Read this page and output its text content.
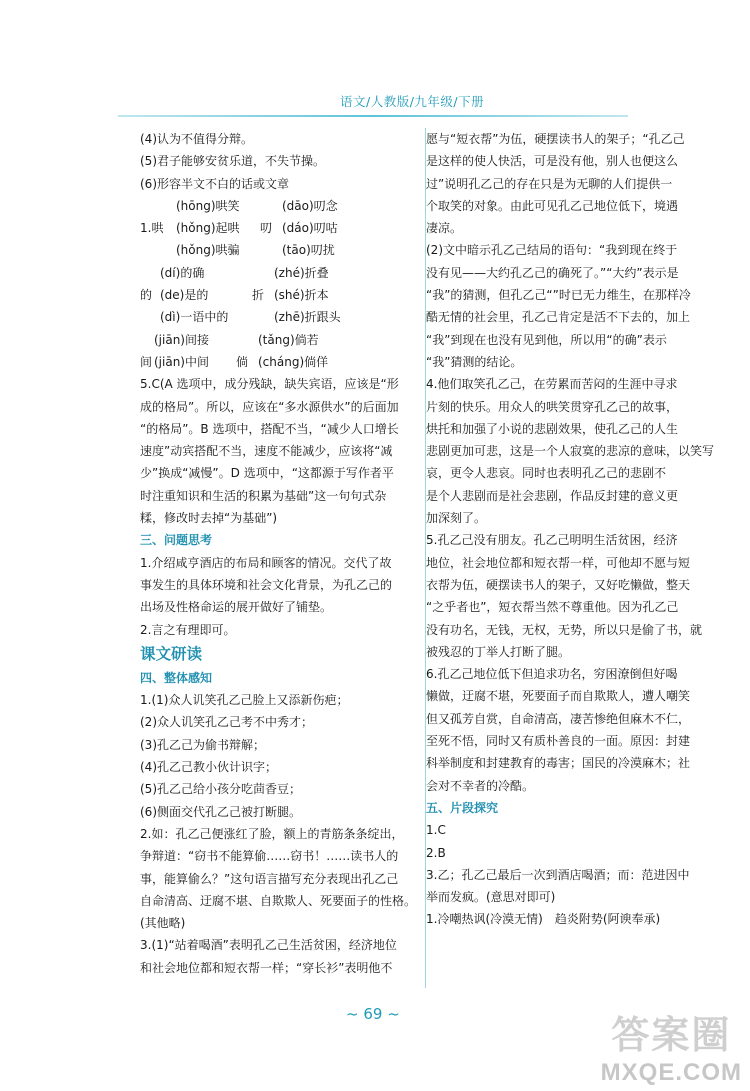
语文/人教版/九年级/下册
(4)认为不值得分辩。
(5)君子能够安贫乐道，不失节操。
(6)形容半文不白的话或文章
(hōng)哄笑	(dāo)叨念
1.哄 (hǒng)起哄 叨 (dáo)叨咕
(hǒng)哄骗	(tāo)叨扰
(dí)的确	(zhé)折叠
的 (de)是的	折 (shé)折本
(dì)一语中的	(zhē)折跟头
(jiān)间接	(tǎng)倘若
间 (jiān)中间 倘 (cháng)倘佯
5.C(A 选项中，成分残缺，缺失宾语，应该是“形
成的格局”。所以，应该在“多水源供水”的后面加
“的格局”。B 选项中，搭配不当，“减少人口增长
速度”动宾搭配不当，速度不能减少，应该将“减
少”换成“减慢”。D 选项中，“这都源于写作者平
时注重知识和生活的积累为基础”这一句句式杂
糅，修改时去掉“为基础”)
三、问题思考
1.介绍咸亨酒店的布局和顾客的情况。交代了故
事发生的具体环境和社会文化背景，为孔乙己的
出场及性格命运的展开做好了铺垫。
2.言之有理即可。
课文研读
四、整体感知
1.(1)众人讥笑孔乙己脸上又添新伤疤；
(2)众人讥笑孔乙己考不中秀才；
(3)孔乙己为偷书辩解；
(4)孔乙己教小伙计识字；
(5)孔乙己给小孩分吃茴香豆；
(6)侧面交代孔乙己被打断腿。
2.如：孔乙己便涨红了脸，额上的青筋条条绽出，
争辩道：“窃书不能算偷……窃书！……读书人的
事，能算偷么？”这句语言描写充分表现出孔乙己
自命清高、迂腐不堪、自欺欺人、死要面子的性格。
(其他略)
3.(1)“站着喝酒”表明孔乙己生活贫困，经济地位
和社会地位都和短衣帮一样；“穿长衫”表明他不
愿与“短衣帮”为伍，硬摆读书人的架子；“孔乙己
是这样的使人快活，可是没有他，别人也便这么
过”说明孔乙己的存在只是为无聊的人们提供一
个取笑的对象。由此可见孔乙己地位低下，境遇
凄凉。
(2)文中暗示孔乙己结局的语句：“我到现在终于
没有见——大约孔乙己的确死了。”“大约”表示是
“我”的猜测，但孔乙己“”时已无力维生，在那样冷
酷无情的社会里，孔乙己肯定是活不下去的，加上
“我”到现在也没有见到他，所以用“的确”表示
“我”猜测的结论。
4.他们取笑孔乙己，在劳累而苦闷的生涯中寻求
片刻的快乐。用众人的哄笑贯穿孔乙己的故事，
烘托和加强了小说的悲剧效果，使孔乙己的人生
悲剧更加可悲，这是一个人寂寞的悲凉的意味，以笑写
哀，更令人悲哀。同时也表明孔乙己的悲剧不
是个人悲剧而是社会悲剧，作品反封建的意义更
加深刻了。
5.孔乙己没有朋友。孔乙己明明生活贫困，经济
地位，社会地位都和短衣帮一样，可他却不愿与短
衣帮为伍，硬摆读书人的架子，又好吃懒做，整天
“之乎者也”，短衣帮当然不尊重他。因为孔乙己
没有功名，无钱，无权，无势，所以只是偷了书，就
被残忍的丁举人打断了腿。
6.孔乙己地位低下但追求功名，穷困潦倒但好喝
懒做，迂腐不堪，死要面子而自欺欺人，遭人嘲笑
但又孤芳自赏，自命清高，凄苦惨绝但麻木不仁，
至死不悟，同时又有质朴善良的一面。原因：封建
科举制度和封建教育的毒害；国民的冷漠麻木；社
会对不幸者的冷酷。
五、片段探究
1.C
2.B
3.乙；孔乙己最后一次到酒店喝酒；而：范进因中
举而发疯。(意思对即可)
1.冷嘲热讽(冷漠无情)　趋炎附势(阿谀奉承)
~ 69 ~
答案圈
MXQE.COM
